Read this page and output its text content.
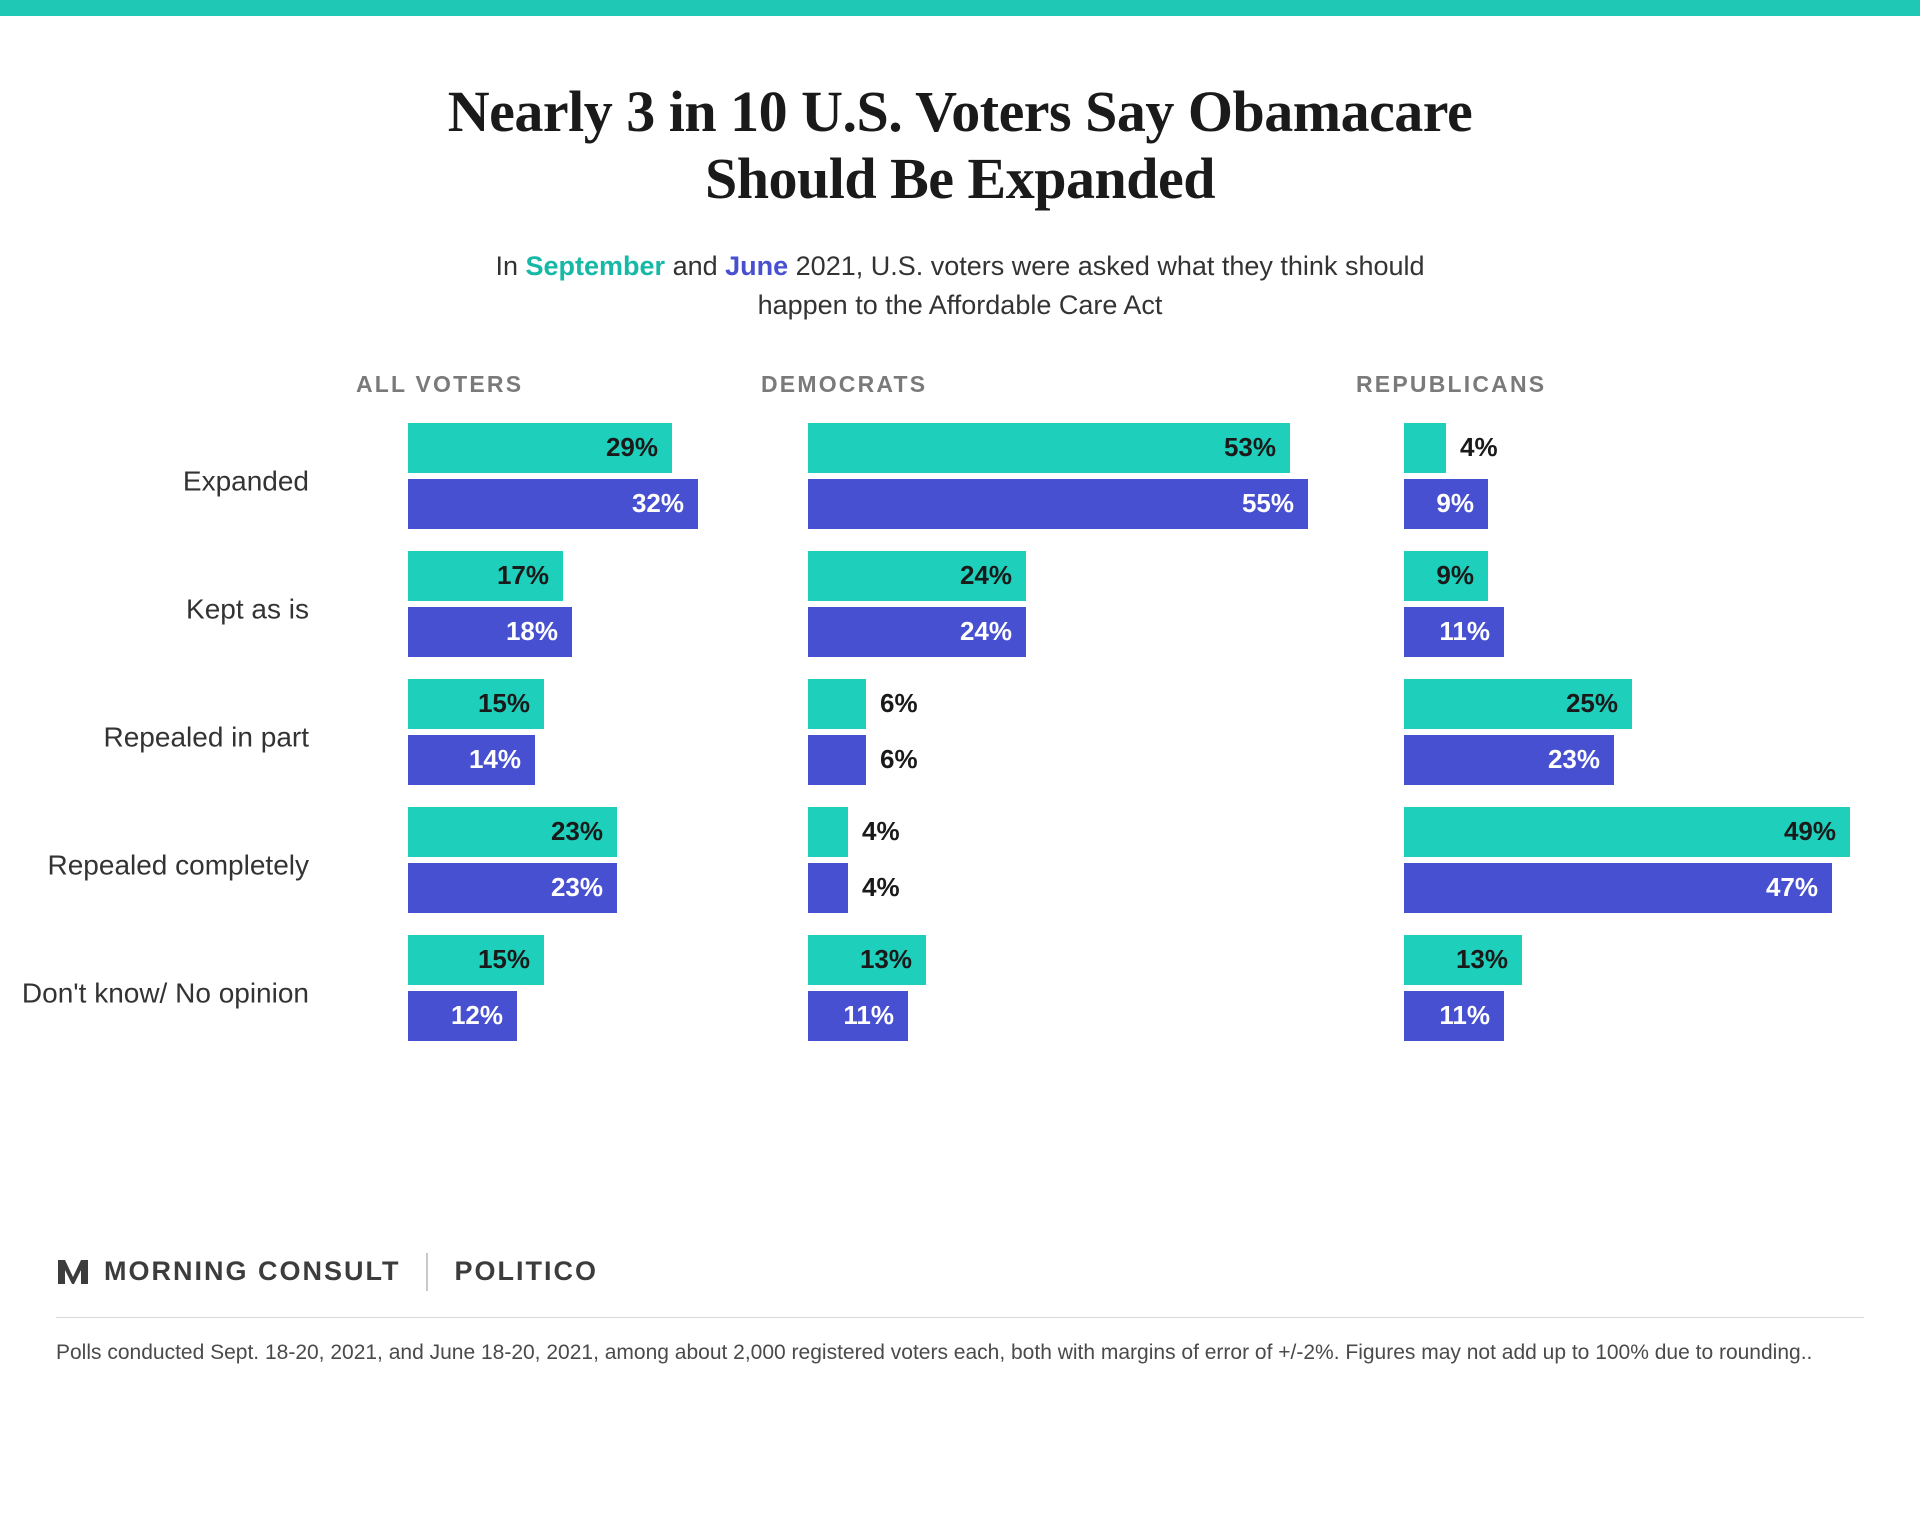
Nearly 3 in 10 U.S. Voters Say Obamacare Should Be Expanded

In September and June 2021, U.S. voters were asked what they think should happen to the Affordable Care Act

ALL VOTERS	DEMOCRATS	REPUBLICANS
Expanded
29%
32%
53%
55%
4%
9%
Kept as is
17%
18%
24%
24%
9%
11%
Repealed in part
15%
14%
6%
6%
25%
23%
Repealed completely
23%
23%
4%
4%
49%
47%
Don't know/ No opinion
15%
12%
13%
11%
13%
11%
MORNING CONSULT POLITICO
Polls conducted Sept. 18-20, 2021, and June 18-20, 2021, among about 2,000 registered voters each, both with margins of error of +/-2%. Figures may not add up to 100% due to rounding..
